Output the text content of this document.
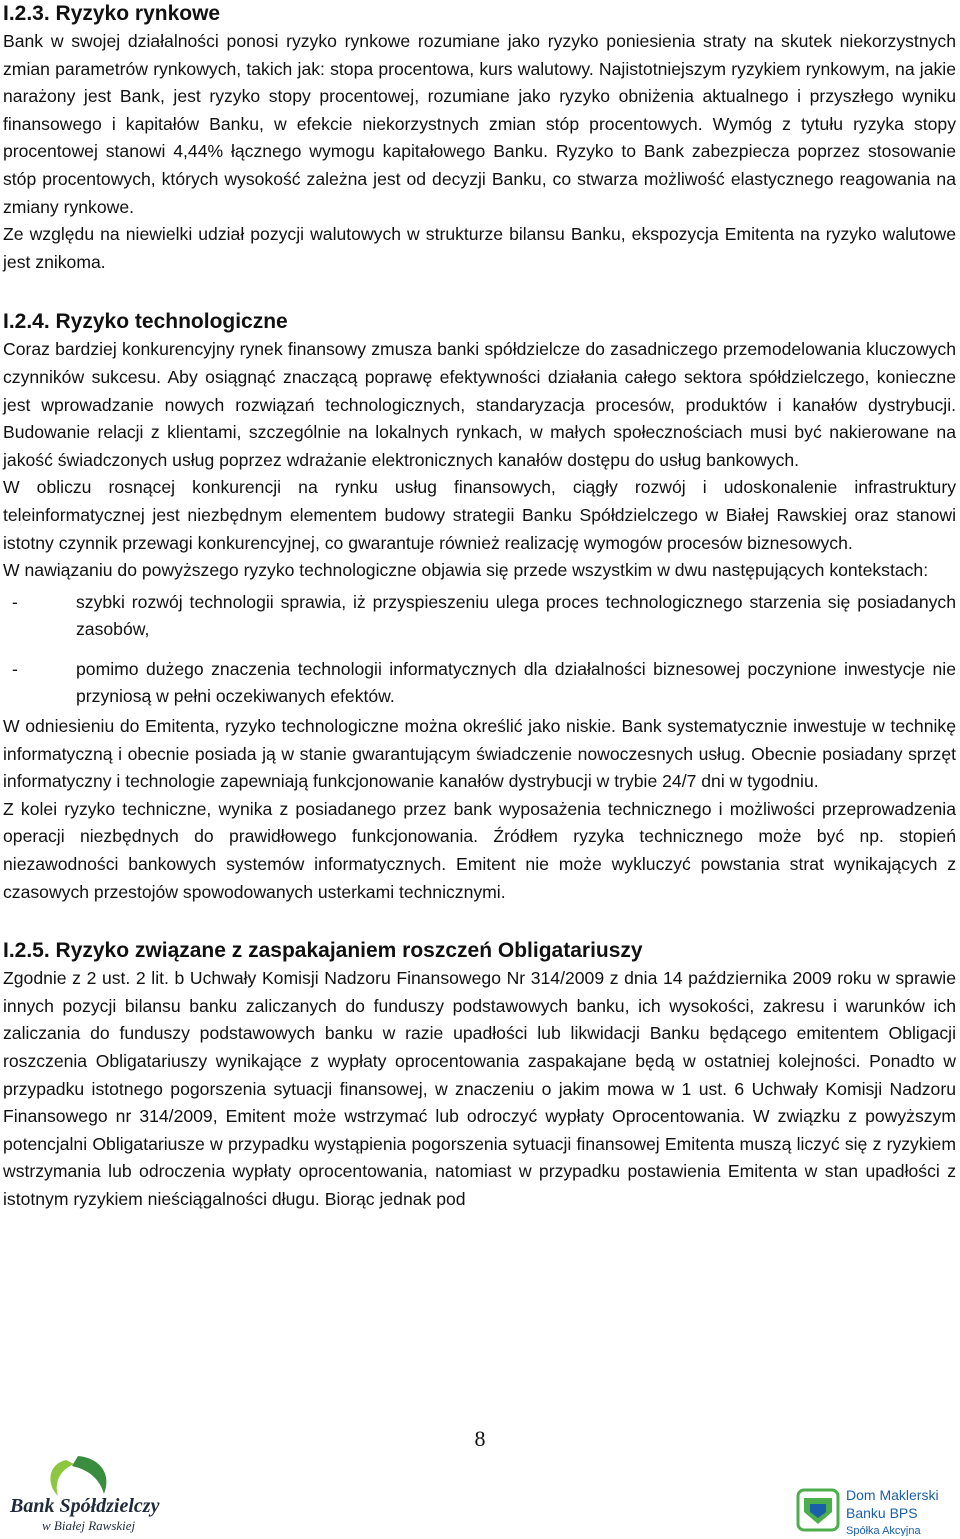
I.2.3. Ryzyko rynkowe

Bank w swojej działalności ponosi ryzyko rynkowe rozumiane jako ryzyko poniesienia straty na skutek niekorzystnych zmian parametrów rynkowych, takich jak: stopa procentowa, kurs walutowy. Najistotniejszym ryzykiem rynkowym, na jakie narażony jest Bank, jest ryzyko stopy procentowej, rozumiane jako ryzyko obniżenia aktualnego i przyszłego wyniku finansowego i kapitałów Banku, w efekcie niekorzystnych zmian stóp procentowych. Wymóg z tytułu ryzyka stopy procentowej stanowi 4,44% łącznego wymogu kapitałowego Banku. Ryzyko to Bank zabezpiecza poprzez stosowanie stóp procentowych, których wysokość zależna jest od decyzji Banku, co stwarza możliwość elastycznego reagowania na zmiany rynkowe.

Ze względu na niewielki udział pozycji walutowych w strukturze bilansu Banku, ekspozycja Emitenta na ryzyko walutowe jest znikoma.

I.2.4. Ryzyko technologiczne

Coraz bardziej konkurencyjny rynek finansowy zmusza banki spółdzielcze do zasadniczego przemodelowania kluczowych czynników sukcesu. Aby osiągnąć znaczącą poprawę efektywności działania całego sektora spółdzielczego, konieczne jest wprowadzanie nowych rozwiązań technologicznych, standaryzacja procesów, produktów i kanałów dystrybucji. Budowanie relacji z klientami, szczególnie na lokalnych rynkach, w małych społecznościach musi być nakierowane na jakość świadczonych usług poprzez wdrażanie elektronicznych kanałów dostępu do usług bankowych.

W obliczu rosnącej konkurencji na rynku usług finansowych, ciągły rozwój i udoskonalenie infrastruktury teleinformatycznej jest niezbędnym elementem budowy strategii Banku Spółdzielczego w Białej Rawskiej oraz stanowi istotny czynnik przewagi konkurencyjnej, co gwarantuje również realizację wymogów procesów biznesowych.

W nawiązaniu do powyższego ryzyko technologiczne objawia się przede wszystkim w dwu następujących kontekstach:

-	szybki rozwój technologii sprawia, iż przyspieszeniu ulega proces technologicznego starzenia się posiadanych zasobów,
-	pomimo dużego znaczenia technologii informatycznych dla działalności biznesowej poczynione inwestycje nie przyniosą w pełni oczekiwanych efektów.

W odniesieniu do Emitenta, ryzyko technologiczne można określić jako niskie. Bank systematycznie inwestuje w technikę informatyczną i obecnie posiada ją w stanie gwarantującym świadczenie nowoczesnych usług. Obecnie posiadany sprzęt informatyczny i technologie zapewniają funkcjonowanie kanałów dystrybucji w trybie 24/7 dni w tygodniu.

Z kolei ryzyko techniczne, wynika z posiadanego przez bank wyposażenia technicznego i możliwości przeprowadzenia operacji niezbędnych do prawidłowego funkcjonowania. Źródłem ryzyka technicznego może być np. stopień niezawodności bankowych systemów informatycznych. Emitent nie może wykluczyć powstania strat wynikających z czasowych przestojów spowodowanych usterkami technicznymi.

I.2.5. Ryzyko związane z zaspakajaniem roszczeń Obligatariuszy

Zgodnie z 2 ust. 2 lit. b Uchwały Komisji Nadzoru Finansowego Nr 314/2009 z dnia 14 października 2009 roku w sprawie innych pozycji bilansu banku zaliczanych do funduszy podstawowych banku, ich wysokości, zakresu i warunków ich zaliczania do funduszy podstawowych banku w razie upadłości lub likwidacji Banku będącego emitentem Obligacji roszczenia Obligatariuszy wynikające z wypłaty oprocentowania zaspakajane będą w ostatniej kolejności. Ponadto w przypadku istotnego pogorszenia sytuacji finansowej, w znaczeniu o jakim mowa w 1 ust. 6 Uchwały Komisji Nadzoru Finansowego nr 314/2009, Emitent może wstrzymać lub odroczyć wypłaty Oprocentowania. W związku z powyższym potencjalni Obligatariusze w przypadku wystąpienia pogorszenia sytuacji finansowej Emitenta muszą liczyć się z ryzykiem wstrzymania lub odroczenia wypłaty oprocentowania, natomiast w przypadku postawienia Emitenta w stan upadłości z istotnym ryzykiem nieściągalności długu. Biorąc jednak pod

8
Bank Spółdzielczy
w Białej Rawskiej
Dom Maklerski
Banku BPS
Spółka Akcyjna
